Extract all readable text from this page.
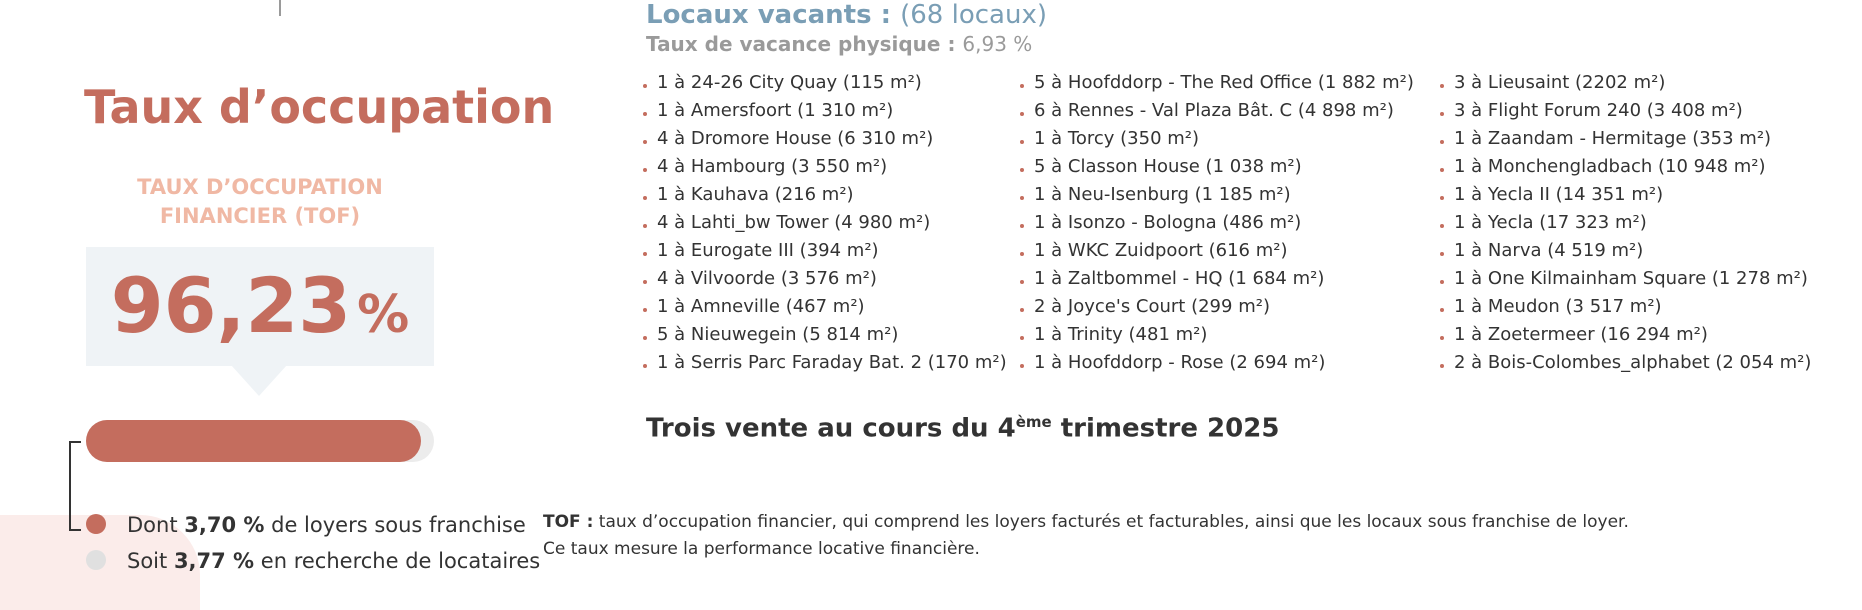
Taux d’occupation
TAUX D’OCCUPATION
FINANCIER (TOF)
96,23 %
Dont 3,70 % de loyers sous franchise
Soit 3,77 % en recherche de locataires
Locaux vacants : (68 locaux)
Taux de vacance physique : 6,93 %
1 à 24-26 City Quay (115 m²)
1 à Amersfoort (1 310 m²)
4 à Dromore House (6 310 m²)
4 à Hambourg (3 550 m²)
1 à Kauhava (216 m²)
4 à Lahti_bw Tower (4 980 m²)
1 à Eurogate III (394 m²)
4 à Vilvoorde (3 576 m²)
1 à Amneville (467 m²)
5 à Nieuwegein (5 814 m²)
1 à Serris Parc Faraday Bat. 2 (170 m²)
5 à Hoofddorp - The Red Office (1 882 m²)
6 à Rennes - Val Plaza Bât. C (4 898 m²)
1 à Torcy (350 m²)
5 à Classon House (1 038 m²)
1 à Neu-Isenburg (1 185 m²)
1 à Isonzo - Bologna (486 m²)
1 à WKC Zuidpoort (616 m²)
1 à Zaltbommel - HQ (1 684 m²)
2 à Joyce's Court (299 m²)
1 à Trinity (481 m²)
1 à Hoofddorp - Rose (2 694 m²)
3 à Lieusaint (2202 m²)
3 à Flight Forum 240 (3 408 m²)
1 à Zaandam - Hermitage (353 m²)
1 à Monchengladbach (10 948 m²)
1 à Yecla II (14 351 m²)
1 à Yecla (17 323 m²)
1 à Narva (4 519 m²)
1 à One Kilmainham Square (1 278 m²)
1 à Meudon (3 517 m²)
1 à Zoetermeer (16 294 m²)
2 à Bois-Colombes_alphabet (2 054 m²)
Trois vente au cours du 4ème trimestre 2025
TOF : taux d’occupation financier, qui comprend les loyers facturés et facturables, ainsi que les locaux sous franchise de loyer.
Ce taux mesure la performance locative financière.
